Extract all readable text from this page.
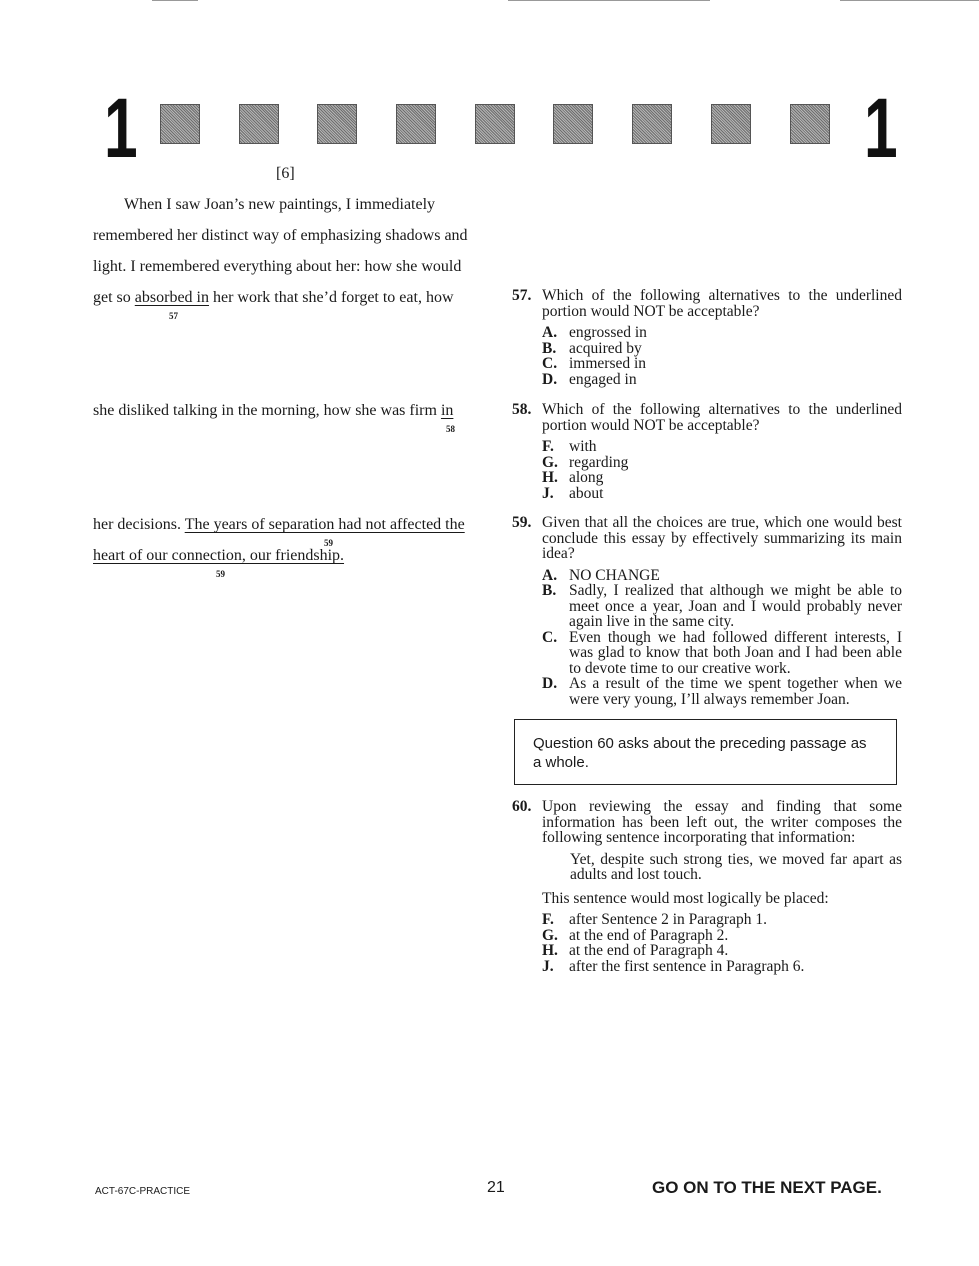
1	1
[6]
When I saw Joan’s new paintings, I immediately
remembered her distinct way of emphasizing shadows and
light. I remembered everything about her: how she would
get so absorbed in her work that she’d forget to eat, how
57
she disliked talking in the morning, how she was firm in
58
her decisions. The years of separation had not affected the
59
heart of our connection, our friendship.
59
57. Which of the following alternatives to the underlined portion would NOT be acceptable?
A. engrossed in
B. acquired by
C. immersed in
D. engaged in
58. Which of the following alternatives to the underlined portion would NOT be acceptable?
F. with
G. regarding
H. along
J. about
59. Given that all the choices are true, which one would best conclude this essay by effectively summarizing its main idea?
A. NO CHANGE
B. Sadly, I realized that although we might be able to meet once a year, Joan and I would probably never again live in the same city.
C. Even though we had followed different interests, I was glad to know that both Joan and I had been able to devote time to our creative work.
D. As a result of the time we spent together when we were very young, I’ll always remember Joan.
Question 60 asks about the preceding passage as a whole.
60. Upon reviewing the essay and finding that some information has been left out, the writer composes the following sentence incorporating that information:
Yet, despite such strong ties, we moved far apart as adults and lost touch.
This sentence would most logically be placed:
F. after Sentence 2 in Paragraph 1.
G. at the end of Paragraph 2.
H. at the end of Paragraph 4.
J. after the first sentence in Paragraph 6.
ACT-67C-PRACTICE	21	GO ON TO THE NEXT PAGE.
